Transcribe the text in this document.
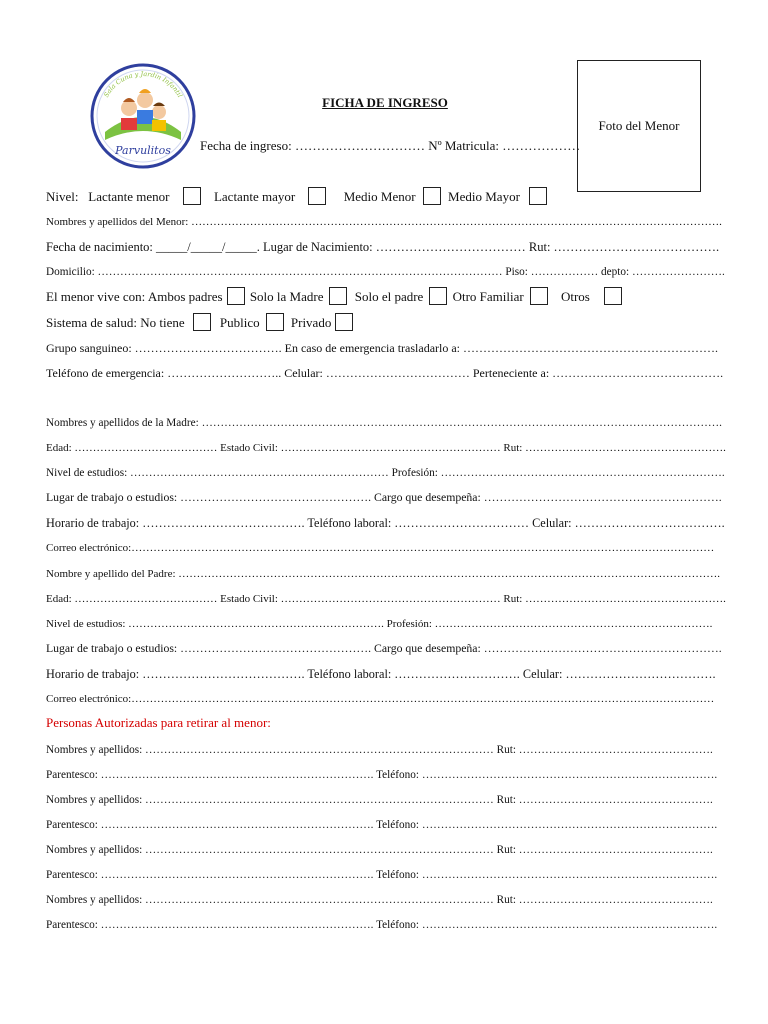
Parvulitos
Sala Cuna y Jardín Infantil	FICHA DE INGRESO
Fecha de ingreso: ………………………… Nº Matricula: ………………
Foto del Menor
Nivel: Lactante menor	Lactante mayor	Medio Menor	Medio Mayor
Nombres y apellidos del Menor: ……………………………………………………………………………………………………………………………….
Fecha de nacimiento: _____/_____/_____. Lugar de Nacimiento: ……………………………… Rut: ………………………………….
Domicilio: ……………………………………………………………………………………………… Piso: ……………… depto: …………………….
El menor vive con: Ambos padres Solo la Madre Solo el padre Otro Familiar	Otros
Sistema de salud: No tiene	Publico Privado
Grupo sanguineo: ………………………………. En caso de emergencia trasladarlo a: ……………………………………………………….
Teléfono de emergencia: ……………………….. Celular: ……………………………… Perteneciente a: …………………………………….
Nombres y apellidos de la Madre: ………………………………………………………………………………………………………………………….
Edad: ………………………………… Estado Civil: …………………………………………………… Rut: ……………………………………………….
Nivel de estudios: …………………………………………………………… Profesión: ………………………………………………………………….
Lugar de trabajo o estudios: …………………………………………. Cargo que desempeña: …………………………………………………….
Horario de trabajo: …………………………………. Teléfono laboral: …………………………… Celular: ……………………………….
Correo electrónico:……………………………………………………………………………………………………………………………………………
Nombre y apellido del Padre: ………………………………………………………………………………………………………………………………….
Edad: ………………………………… Estado Civil: …………………………………………………… Rut: ……………………………………………….
Nivel de estudios: ……………………………………………………………. Profesión: ………………………………………………………………….
Lugar de trabajo o estudios: …………………………………………. Cargo que desempeña: …………………………………………………….
Horario de trabajo: …………………………………. Teléfono laboral: …………………………. Celular: ……………………………….
Correo electrónico:……………………………………………………………………………………………………………………………………………
Personas Autorizadas para retirar al menor:
Nombres y apellidos: ………………………………………………………………………………… Rut: …………………………………………….
Parentesco: ………………………………………………………………. Teléfono: …………………………………………………………………….
Nombres y apellidos: ………………………………………………………………………………… Rut: …………………………………………….
Parentesco: ………………………………………………………………. Teléfono: …………………………………………………………………….
Nombres y apellidos: ………………………………………………………………………………… Rut: …………………………………………….
Parentesco: ………………………………………………………………. Teléfono: …………………………………………………………………….
Nombres y apellidos: ………………………………………………………………………………… Rut: …………………………………………….
Parentesco: ………………………………………………………………. Teléfono: …………………………………………………………………….
